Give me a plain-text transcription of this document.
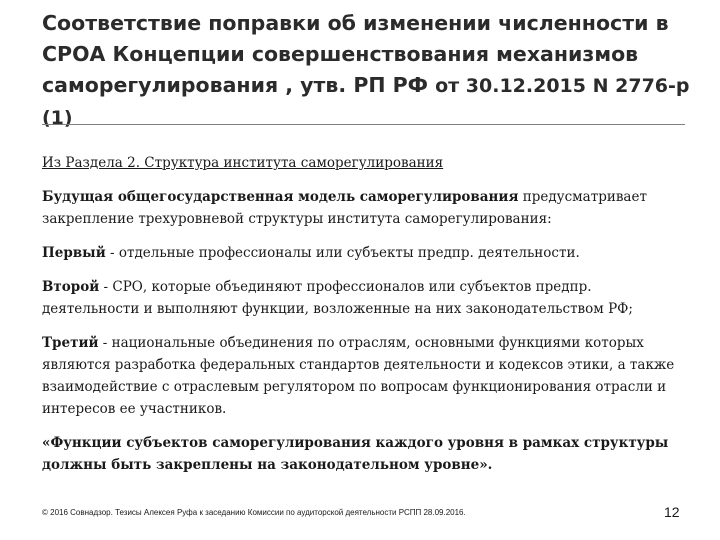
Соответствие поправки об изменении численности в СРОА Концепции совершенствования механизмов саморегулирования , утв. РП РФ от 30.12.2015 N 2776-р (1)

Из Раздела 2. Структура института саморегулирования

Будущая общегосударственная модель саморегулирования предусматривает закрепление трехуровневой структуры института саморегулирования:

Первый - отдельные профессионалы или субъекты предпр. деятельности.

Второй - СРО, которые объединяют профессионалов или субъектов предпр. деятельности и выполняют функции, возложенные на них законодательством РФ;

Третий - национальные объединения по отраслям, основными функциями которых являются разработка федеральных стандартов деятельности и кодексов этики, а также взаимодействие с отраслевым регулятором по вопросам функционирования отрасли и интересов ее участников.

«Функции субъектов саморегулирования каждого уровня в рамках структуры должны быть закреплены на законодательном уровне».

© 2016 Совнадзор. Тезисы Алексея Руфа к заседанию Комиссии по аудиторской деятельности РСПП 28.09.2016.	12
